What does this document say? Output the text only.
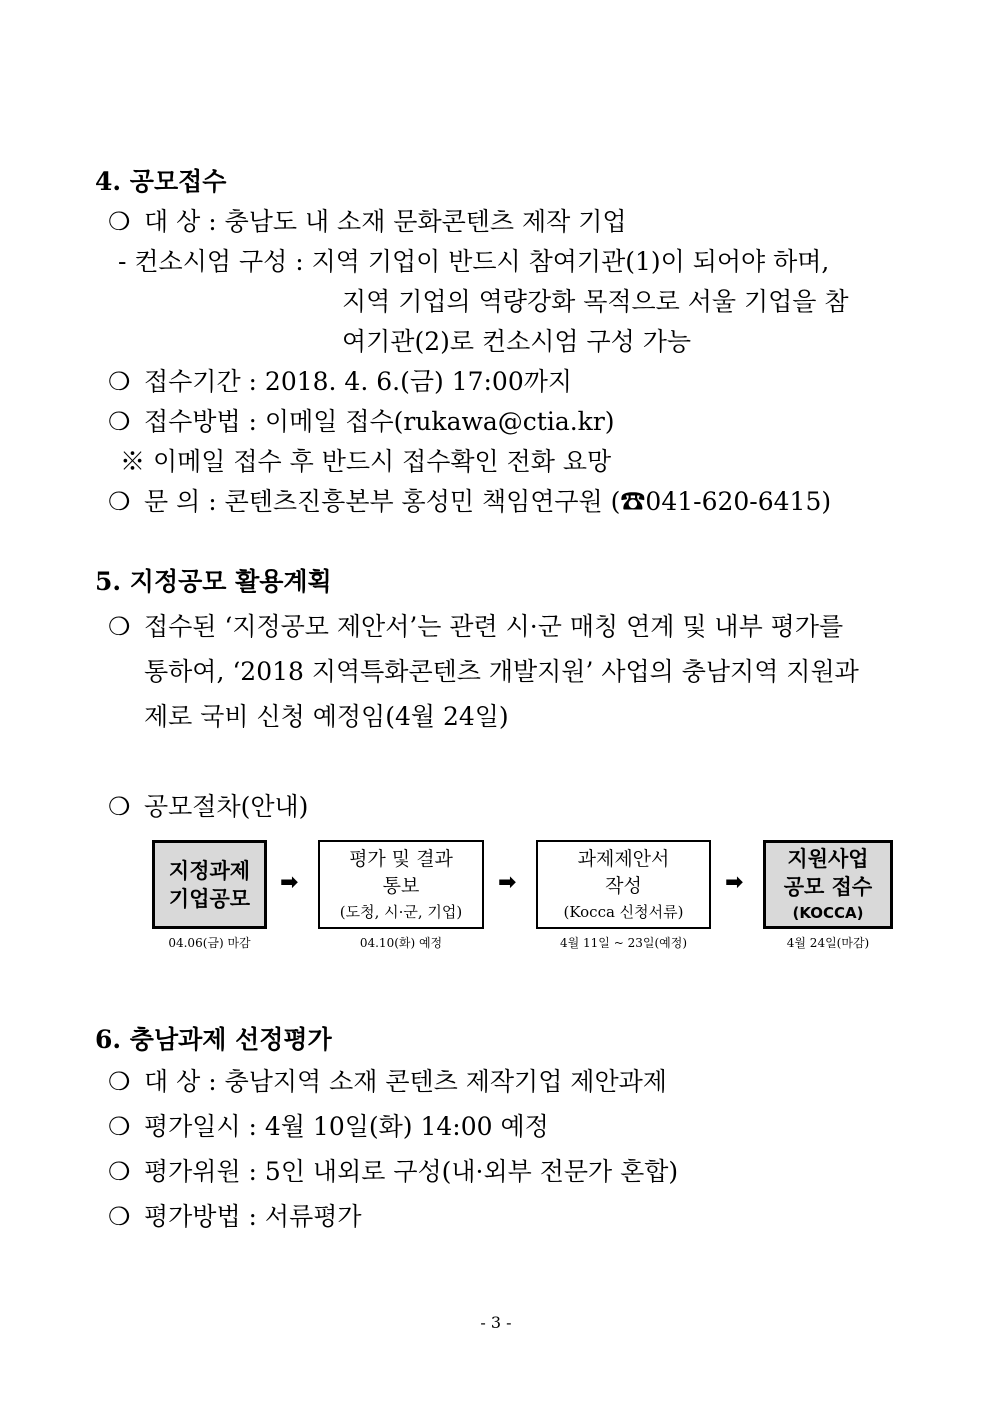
4. 공모접수
❍ 대 상 : 충남도 내 소재 문화콘텐츠 제작 기업
- 컨소시엄 구성 : 지역 기업이 반드시 참여기관(1)이 되어야 하며,
지역 기업의 역량강화 목적으로 서울 기업을 참
여기관(2)로 컨소시엄 구성 가능
❍ 접수기간 : 2018. 4. 6.(금) 17:00까지
❍ 접수방법 : 이메일 접수(rukawa@ctia.kr)
※ 이메일 접수 후 반드시 접수확인 전화 요망
❍ 문 의 : 콘텐츠진흥본부 홍성민 책임연구원 (☎041-620-6415)
5. 지정공모 활용계획
❍ 접수된 ‘지정공모 제안서’는 관련 시·군 매칭 연계 및 내부 평가를
통하여, ‘2018 지역특화콘텐츠 개발지원’ 사업의 충남지역 지원과
제로 국비 신청 예정임(4월 24일)
❍ 공모절차(안내)
지정과제
기업공모
➡
평가 및 결과
통보
(도청, 시·군, 기업)
➡
과제제안서
작성
(Kocca 신청서류)
➡
지원사업
공모 접수
(KOCCA)
04.06(금) 마감	04.10(화) 예정	4월 11일 ~ 23일(예정)	4월 24일(마감)
6. 충남과제 선정평가
❍ 대 상 : 충남지역 소재 콘텐츠 제작기업 제안과제
❍ 평가일시 : 4월 10일(화) 14:00 예정
❍ 평가위원 : 5인 내외로 구성(내·외부 전문가 혼합)
❍ 평가방법 : 서류평가
- 3 -
